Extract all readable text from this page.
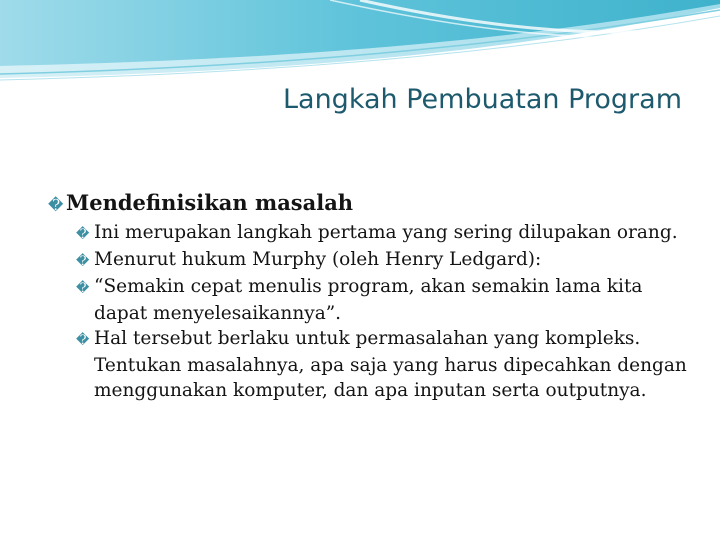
Langkah Pembuatan Program

� Mendefinisikan masalah

� Ini merupakan langkah pertama yang sering dilupakan orang.

� Menurut hukum Murphy (oleh Henry Ledgard):

� “Semakin cepat menulis program, akan semakin lama kita dapat menyelesaikannya”.

� Hal tersebut berlaku untuk permasalahan yang kompleks. Tentukan masalahnya, apa saja yang harus dipecahkan dengan menggunakan komputer, dan apa inputan serta outputnya.
